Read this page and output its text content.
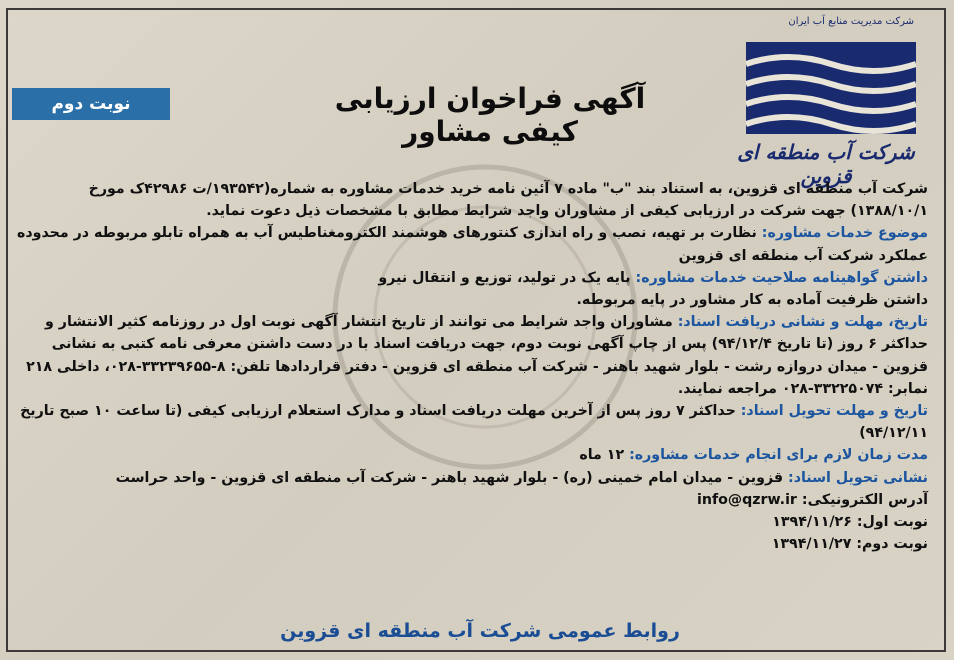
شرکت مدیریت منابع آب ایران
شرکت آب منطقه ای قزوین
آگهی فراخوان ارزیابی کیفی مشاور
نوبت دوم

شرکت آب منطقه ای قزوین، به استناد بند "ب" ماده ۷ آئین نامه خرید خدمات مشاوره به شماره(۱۹۳۵۴۲/ت ۴۲۹۸۶ک مورخ ۱۳۸۸/۱۰/۱) جهت شرکت در ارزیابی کیفی از مشاوران واجد شرایط مطابق با مشخصات ذیل دعوت نماید.

موضوع خدمات مشاوره: نظارت بر تهیه، نصب و راه اندازی کنتورهای هوشمند الکترومغناطیس آب به همراه تابلو مربوطه در محدوده عملکرد شرکت آب منطقه ای قزوین

داشتن گواهینامه صلاحیت خدمات مشاوره: پایه یک در تولید، توزیع و انتقال نیرو

داشتن ظرفیت آماده به کار مشاور در پایه مربوطه.

تاریخ، مهلت و نشانی دریافت اسناد: مشاوران واجد شرایط می توانند از تاریخ انتشار آگهی نوبت اول در روزنامه کثیر الانتشار و حداکثر ۶ روز (تا تاریخ ۹۴/۱۲/۴) پس از چاپ آگهی نوبت دوم، جهت دریافت اسناد با در دست داشتن معرفی نامه کتبی به نشانی قزوین - میدان دروازه رشت - بلوار شهید باهنر - شرکت آب منطقه ای قزوین - دفتر قراردادها تلفن: ۸-۳۳۲۳۹۶۵۵-۰۲۸، داخلی ۲۱۸ نمابر: ۳۳۲۲۵۰۷۴-۰۲۸ مراجعه نمایند.

تاریخ و مهلت تحویل اسناد: حداکثر ۷ روز پس از آخرین مهلت دریافت اسناد و مدارک استعلام ارزیابی کیفی (تا ساعت ۱۰ صبح تاریخ ۹۴/۱۲/۱۱)

مدت زمان لازم برای انجام خدمات مشاوره: ۱۲ ماه

نشانی تحویل اسناد: قزوین - میدان امام خمینی (ره) - بلوار شهید باهنر - شرکت آب منطقه ای قزوین - واحد حراست

آدرس الکترونیکی: info@qzrw.ir

نوبت اول: ۱۳۹۴/۱۱/۲۶

نوبت دوم: ۱۳۹۴/۱۱/۲۷

روابط عمومی شرکت آب منطقه ای قزوین
